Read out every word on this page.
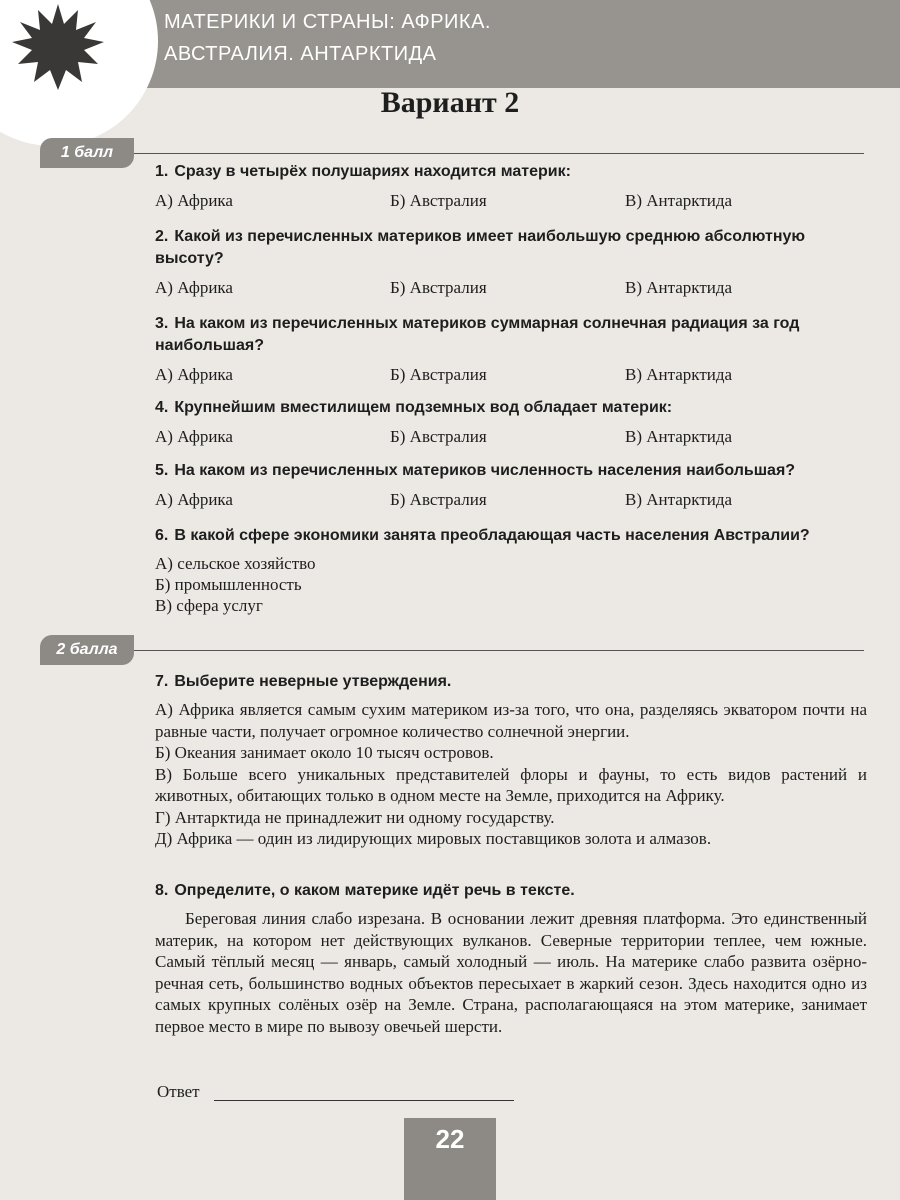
МАТЕРИКИ И СТРАНЫ: АФРИКА.
АВСТРАЛИЯ. АНТАРКТИДА
Вариант 2
1 балл

1. Сразу в четырёх полушариях находится материк:

А) Африка	Б) Австралия	В) Антарктида

2. Какой из перечисленных материков имеет наибольшую среднюю абсолютную высоту?

А) Африка	Б) Австралия	В) Антарктида

3. На каком из перечисленных материков суммарная солнечная радиация за год наибольшая?

А) Африка	Б) Австралия	В) Антарктида

4. Крупнейшим вместилищем подземных вод обладает материк:

А) Африка	Б) Австралия	В) Антарктида

5. На каком из перечисленных материков численность населения наибольшая?

А) Африка	Б) Австралия	В) Антарктида

6. В какой сфере экономики занята преобладающая часть населения Австралии?

А) сельское хозяйство
Б) промышленность
В) сфера услуг
2 балла

7. Выберите неверные утверждения.

А) Африка является самым сухим материком из-за того, что она, разделяясь экватором почти на равные части, получает огромное количество солнечной энергии.
Б) Океания занимает около 10 тысяч островов.
В) Больше всего уникальных представителей флоры и фауны, то есть видов растений и животных, обитающих только в одном месте на Земле, приходится на Африку.
Г) Антарктида не принадлежит ни одному государству.
Д) Африка — один из лидирующих мировых поставщиков золота и алмазов.

8. Определите, о каком материке идёт речь в тексте.

Береговая линия слабо изрезана. В основании лежит древняя платформа. Это единственный материк, на котором нет действующих вулканов. Северные территории теплее, чем южные. Самый тёплый месяц — январь, самый холодный — июль. На материке слабо развита озёрно-речная сеть, большинство водных объектов пересыхает в жаркий сезон. Здесь находится одно из самых крупных солёных озёр на Земле. Страна, располагающаяся на этом материке, занимает первое место в мире по вывозу овечьей шерсти.
Ответ
22
